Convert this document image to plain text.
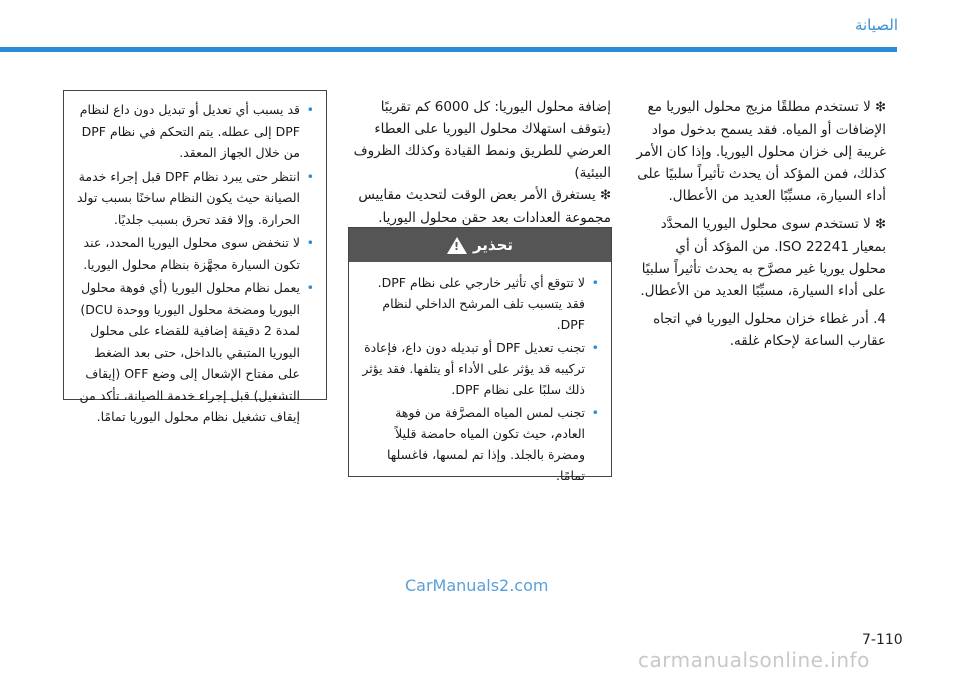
الصيانة

❇ لا تستخدم مطلقًا مزيج محلول اليوريا مع الإضافات أو المياه. فقد يسمح بدخول مواد غريبة إلى خزان محلول اليوريا. وإذا كان الأمر كذلك، فمن المؤكد أن يحدث تأثيراً سلبيًا على أداء السيارة، مسبِّبًا العديد من الأعطال.

❇ لا تستخدم سوى محلول اليوريا المحدَّد بمعيار ISO 22241. من المؤكد أن أي محلول يوريا غير مصرَّح به يحدث تأثيراً سلبيًا على أداء السيارة، مسبِّبًا العديد من الأعطال.

4. أدر غطاء خزان محلول اليوريا في اتجاه عقارب الساعة لإحكام غلقه.

إضافة محلول اليوريا: كل 6000 كم تقريبًا (يتوقف استهلاك محلول اليوريا على العطاء العرضي للطريق ونمط القيادة وكذلك الظروف البيئية)

❇ يستغرق الأمر بعض الوقت لتحديث مقاييس مجموعة العدادات بعد حقن محلول اليوريا.

تحذير
!
• لا تتوقع أي تأثير خارجي على نظام DPF. فقد يتسبب تلف المرشح الداخلي لنظام DPF.
• تجنب تعديل DPF أو تبديله دون داع، فإعادة تركيبه قد يؤثر على الأداء أو يتلفها. فقد يؤثر ذلك سلبًا على نظام DPF.
• تجنب لمس المياه المصرَّفة من فوهة العادم، حيث تكون المياه حامضة قليلاً ومضرة بالجلد. وإذا تم لمسها، فاغسلها تمامًا.
• قد يسبب أي تعديل أو تبديل دون داع لنظام DPF إلى عطله. يتم التحكم في نظام DPF من خلال الجهاز المعقد.
• انتظر حتى يبرد نظام DPF قبل إجراء خدمة الصيانة حيث يكون النظام ساخنًا بسبب تولد الحرارة. وإلا فقد تحرق بسبب جلديًا.
• لا تنخفض سوى محلول اليوريا المحدد، عند تكون السيارة مجهَّزة بنظام محلول اليوريا.
• يعمل نظام محلول اليوريا (أي فوهة محلول اليوريا ومضخة محلول اليوريا ووحدة DCU) لمدة 2 دقيقة إضافية للقضاء على محلول اليوريا المتبقي بالداخل، حتى بعد الضغط على مفتاح الإشعال إلى وضع OFF (إيقاف التشغيل) قبل إجراء خدمة الصيانة، تأكد من إيقاف تشغيل نظام محلول اليوريا تمامًا.
CarManuals2.com
7-110
carmanualsonline.info
